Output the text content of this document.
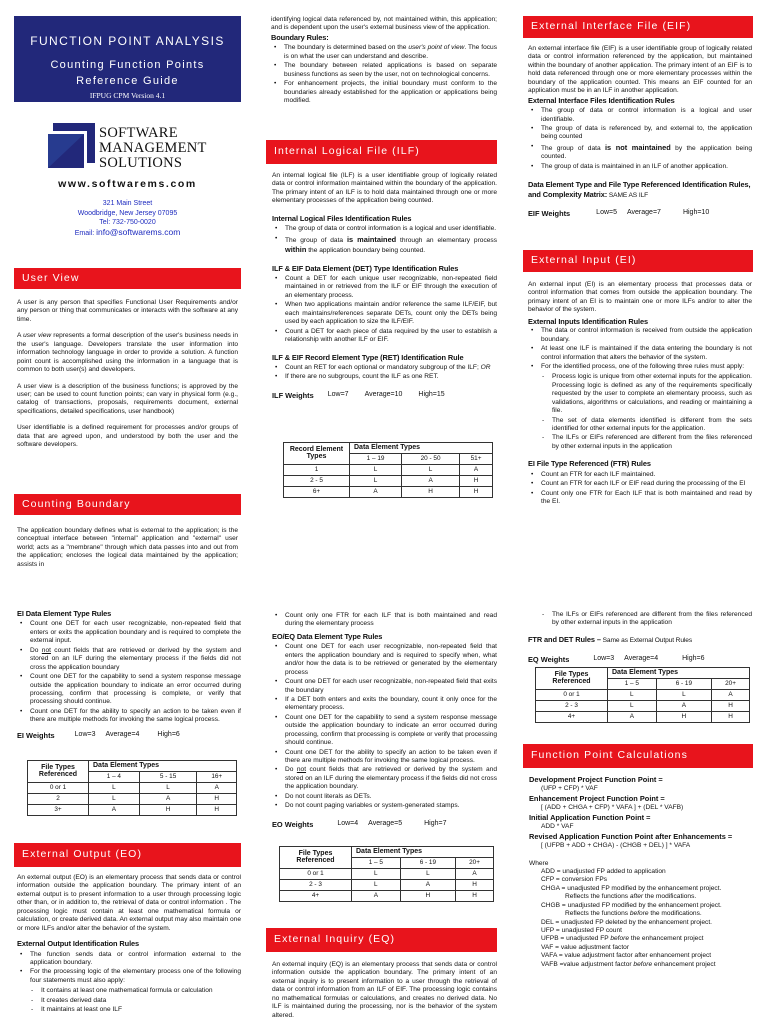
FUNCTION POINT ANALYSIS
Counting Function Points
Reference Guide
IFPUG CPM Version 4.1
SOFTWARE
MANAGEMENT
SOLUTIONS
www.softwarems.com
321 Main Street
Woodbridge, New Jersey 07095
Tel: 732-750-0020
Email: info@softwarems.com
User View

A user is any person that specifies Functional User Requirements and/or any person or thing that communicates or interacts with the software at any time.

A user view represents a formal description of the user's business needs in the user's language. Developers translate the user information into information technology language in order to provide a solution. A function point count is accomplished using the information in a language that is common to both user(s) and developers.

A user view is a description of the business functions; is approved by the user; can be used to count function points; can vary in physical form (e.g., catalog of transactions, proposals, requirements document, external specifications, detailed specifications, user handbook)

User identifiable is a defined requirement for processes and/or groups of data that are agreed upon, and understood by both the user and the software developers.

Counting Boundary

The application boundary defines what is external to the application; is the conceptual interface between "internal" application and "external" user world; acts as a "membrane" through which data passes into and out from the application; encloses the logical data maintained by the application; assists in

identifying logical data referenced by, not maintained within, this application; and is dependent upon the user's external business view of the application.

Boundary Rules:
• The boundary is determined based on the user's point of view. The focus is on what the user can understand and describe.
• The boundary between related applications is based on separate business functions as seen by the user, not on technological concerns.
• For enhancement projects, the initial boundary must conform to the boundaries already established for the application or applications being modified.
Internal Logical File (ILF)

An internal logical file (ILF) is a user identifiable group of logically related data or control information maintained within the boundary of the application. The primary intent of an ILF is to hold data maintained through one or more elementary processes of the application being counted.

Internal Logical Files Identification Rules
• The group of data or control information is a logical and user identifiable.
• The group of data is maintained through an elementary process within the application boundary being counted.
ILF & EIF Data Element (DET) Type Identification Rules
• Count a DET for each unique user recognizable, non-repeated field maintained in or retrieved from the ILF or EIF through the execution of an elementary process.
• When two applications maintain and/or reference the same ILF/EIF, but each maintains/references separate DETs, count only the DETs being used by each application to size the ILF/EIF.
• Count a DET for each piece of data required by the user to establish a relationship with another ILF or EIF.
ILF & EIF Record Element Type (RET) Identification Rule
• Count an RET for each optional or mandatory subgroup of the ILF; OR
• If there are no subgroups, count the ILF as one RET.
ILF Weights Low=7 Average=10 High=15
Record Element Types	Data Element Types		
	1 – 19	20 - 50	51+
1	L	L	A
2 - 5	L	A	H
6+	A	H	H
External Interface File (EIF)

An external interface file (EIF) is a user identifiable group of logically related data or control information referenced by the application, but maintained within the boundary of another application. The primary intent of an EIF is to hold data referenced through one or more elementary processes within the boundary of the application counted. This means an EIF counted for an application must be in an ILF in another application.

External Interface Files Identification Rules
• The group of data or control information is a logical and user identifiable.
• The group of data is referenced by, and external to, the application being counted
• The group of data is not maintained by the application being counted.
• The group of data is maintained in an ILF of another application.
Data Element Type and File Type Referenced Identification Rules, and Complexity Matrix: SAME AS ILF
EIF Weights	Low=5 Average=7	High=10
External Input (EI)

An external input (EI) is an elementary process that processes data or control information that comes from outside the application boundary. The primary intent of an EI is to maintain one or more ILFs and/or to alter the behavior of the system.

External Inputs Identification Rules
• The data or control information is received from outside the application boundary.
• At least one ILF is maintained if the data entering the boundary is not control information that alters the behavior of the system.
• For the identified process, one of the following three rules must apply:
- Process logic is unique from other external inputs for the application. Processing logic is defined as any of the requirements specifically requested by the user to complete an elementary process, such as validations, algorithms or calculations, and reading or maintaining a file.
- The set of data elements identified is different from the sets identified for other external inputs for the application.
- The ILFs or EIFs referenced are different from the files referenced by other external inputs in the application
EI File Type Referenced (FTR) Rules
• Count an FTR for each ILF maintained.
• Count an FTR for each ILF or EIF read during the processing of the EI
• Count only one FTR for Each ILF that is both maintained and read by the EI.
EI Data Element Type Rules
• Count one DET for each user recognizable, non-repeated field that enters or exits the application boundary and is required to complete the external input.
• Do not count fields that are retrieved or derived by the system and stored on an ILF during the elementary process if the fields did not cross the application boundary
• Count one DET for the capability to send a system response message outside the application boundary to indicate an error occurred during processing, confirm that processing is complete, or verify that processing should continue.
• Count one DET for the ability to specify an action to be taken even if there are multiple methods for invoking the same logical process.
EI Weights	Low=3 Average=4	High=6
File Types Referenced	Data Element Types		
	1 – 4	5 - 15	16+
0 or 1	L	L	A
2	L	A	H
3+	A	H	H
External Output (EO)

An external output (EO) is an elementary process that sends data or control information outside the application boundary. The primary intent of an external output is to present information to a user through processing logic other than, or in addition to, the retrieval of data or control information . The processing logic must contain at least one mathematical formula or calculation, or create derived data. An external output may also maintain one or more ILFs and/or alter the behavior of the system.

External Output Identification Rules
• The function sends data or control information external to the application boundary.
• For the processing logic of the elementary process one of the following four statements must also apply:
- It contains at least one mathematical formula or calculation
- It creates derived data
- It maintains at least one ILF
• Count only one FTR for each ILF that is both maintained and read during the elementary process
EO/EQ Data Element Type Rules
• Count one DET for each user recognizable, non-repeated field that enters the application boundary and is required to specify when, what and/or how the data is to be retrieved or generated by the elementary process
• Count one DET for each user recognizable, non-repeated field that exits the boundary
• If a DET both enters and exits the boundary, count it only once for the elementary process.
• Count one DET for the capability to send a system response message outside the application boundary to indicate an error occurred during processing, confirm that processing is complete or verify that processing should continue.
• Count one DET for the ability to specify an action to be taken even if there are multiple methods for invoking the same logical process.
• Do not count fields that are retrieved or derived by the system and stored on an ILF during the elementary process if the fields did not cross the application boundary.
• Do not count literals as DETs.
• Do not count paging variables or system-generated stamps.
EO Weights	Low=4 Average=5	High=7
File Types Referenced	Data Element Types		
	1 – 5	6 - 19	20+
0 or 1	L	L	A
2 - 3	L	A	H
4+	A	H	H
External Inquiry (EQ)

An external inquiry (EQ) is an elementary process that sends data or control information outside the application boundary. The primary intent of an external inquiry is to present information to a user through the retrieval of data or control information from an ILF of EIF. The processing logic contains no mathematical formulas or calculations, and creates no derived data. No ILF is maintained during the processing, nor is the behavior of the system altered.

- The ILFs or EIFs referenced are different from the files referenced by other external inputs in the application
FTR and DET Rules – Same as External Output Rules
EQ Weights	Low=3 Average=4	High=6
File Types Referenced	Data Element Types		
	1 – 5	6 - 19	20+
0 or 1	L	L	A
2 - 3	L	A	H
4+	A	H	H
Function Point Calculations
Development Project Function Point =
(UFP + CFP) * VAF
Enhancement Project Function Point =
[ (ADD + CHGA + CFP) * VAFA ] + (DEL * VAFB)
Initial Application Function Point =
ADD * VAF
Revised Application Function Point after Enhancements =
[ (UFPB + ADD + CHGA) - (CHGB + DEL) ] * VAFA
Where
ADD = unadjusted FP added to application
CFP = conversion FPs
CHGA = unadjusted FP modified by the enhancement project.
Reflects the functions after the modifications.
CHGB = unadjusted FP modified by the enhancement project.
Reflects the functions before the modifications.
DEL = unadjusted FP deleted by the enhancement project.
UFP = unadjusted FP count
UFPB = unadjusted FP before the enhancement project
VAF = value adjustment factor
VAFA = value adjustment factor after enhancement project
VAFB =value adjustment factor before enhancement project
